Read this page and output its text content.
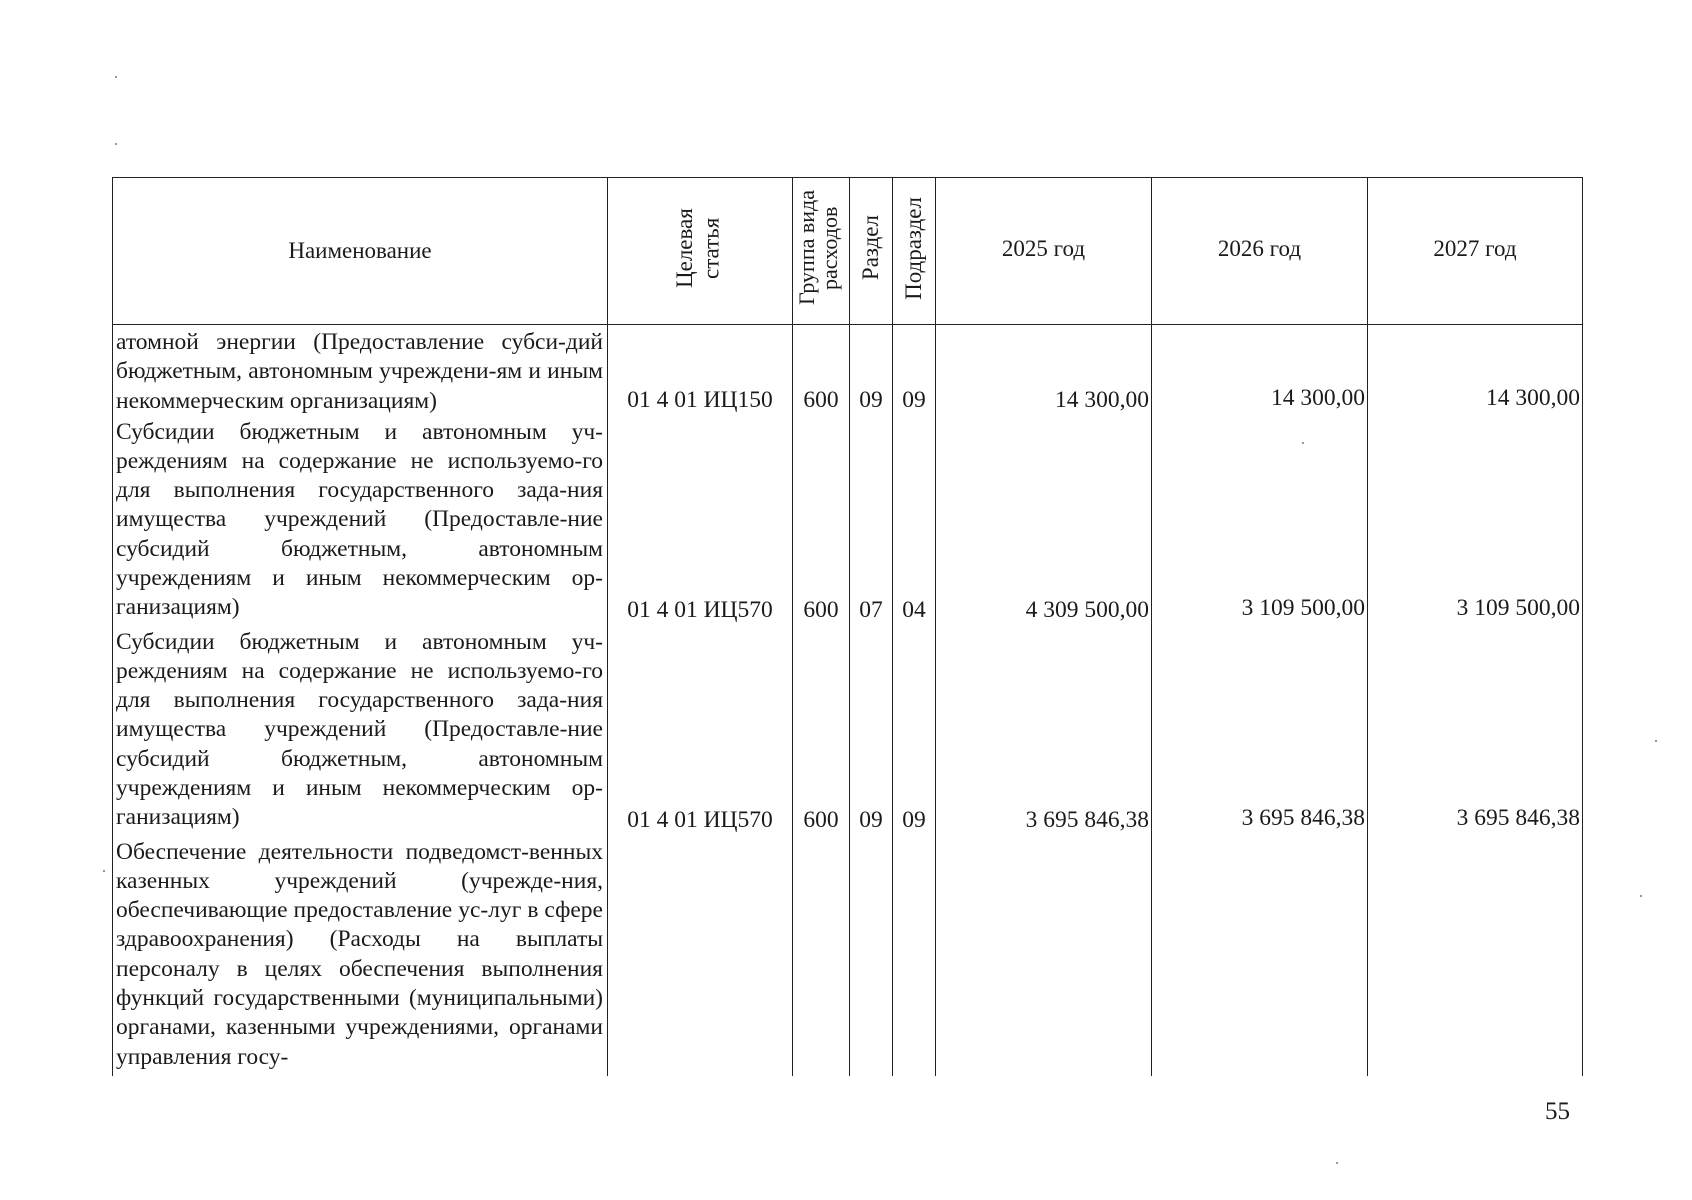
Наименование	Целевая статья	Группа вида расходов	Раздел	Подраздел	2025 год	2026 год	2027 год
атомной энергии (Предоставление субси-дий бюджетным, автономным учреждени-ям и иным некоммерческим организациям)	01 4 01 ИЦ150	600	09	09	14 300,00	14 300,00	14 300,00

Субсидии бюджетным и автономным уч-реждениям на содержание не используемо-го для выполнения государственного зада-ния имущества учреждений (Предоставле-ние субсидий бюджетным, автономным учреждениям и иным некоммерческим ор-ганизациям)	01 4 01 ИЦ570	600	07	04	4 309 500,00	3 109 500,00	3 109 500,00

Субсидии бюджетным и автономным уч-реждениям на содержание не используемо-го для выполнения государственного зада-ния имущества учреждений (Предоставле-ние субсидий бюджетным, автономным учреждениям и иным некоммерческим ор-ганизациям)	01 4 01 ИЦ570	600	09	09	3 695 846,38	3 695 846,38	3 695 846,38

Обеспечение деятельности подведомст-венных казенных учреждений (учрежде-ния, обеспечивающие предоставление ус-луг в сфере здравоохранения) (Расходы на выплаты персоналу в целях обеспечения выполнения функций государственными (муниципальными) органами, казенными учреждениями, органами управления госу-							
55
